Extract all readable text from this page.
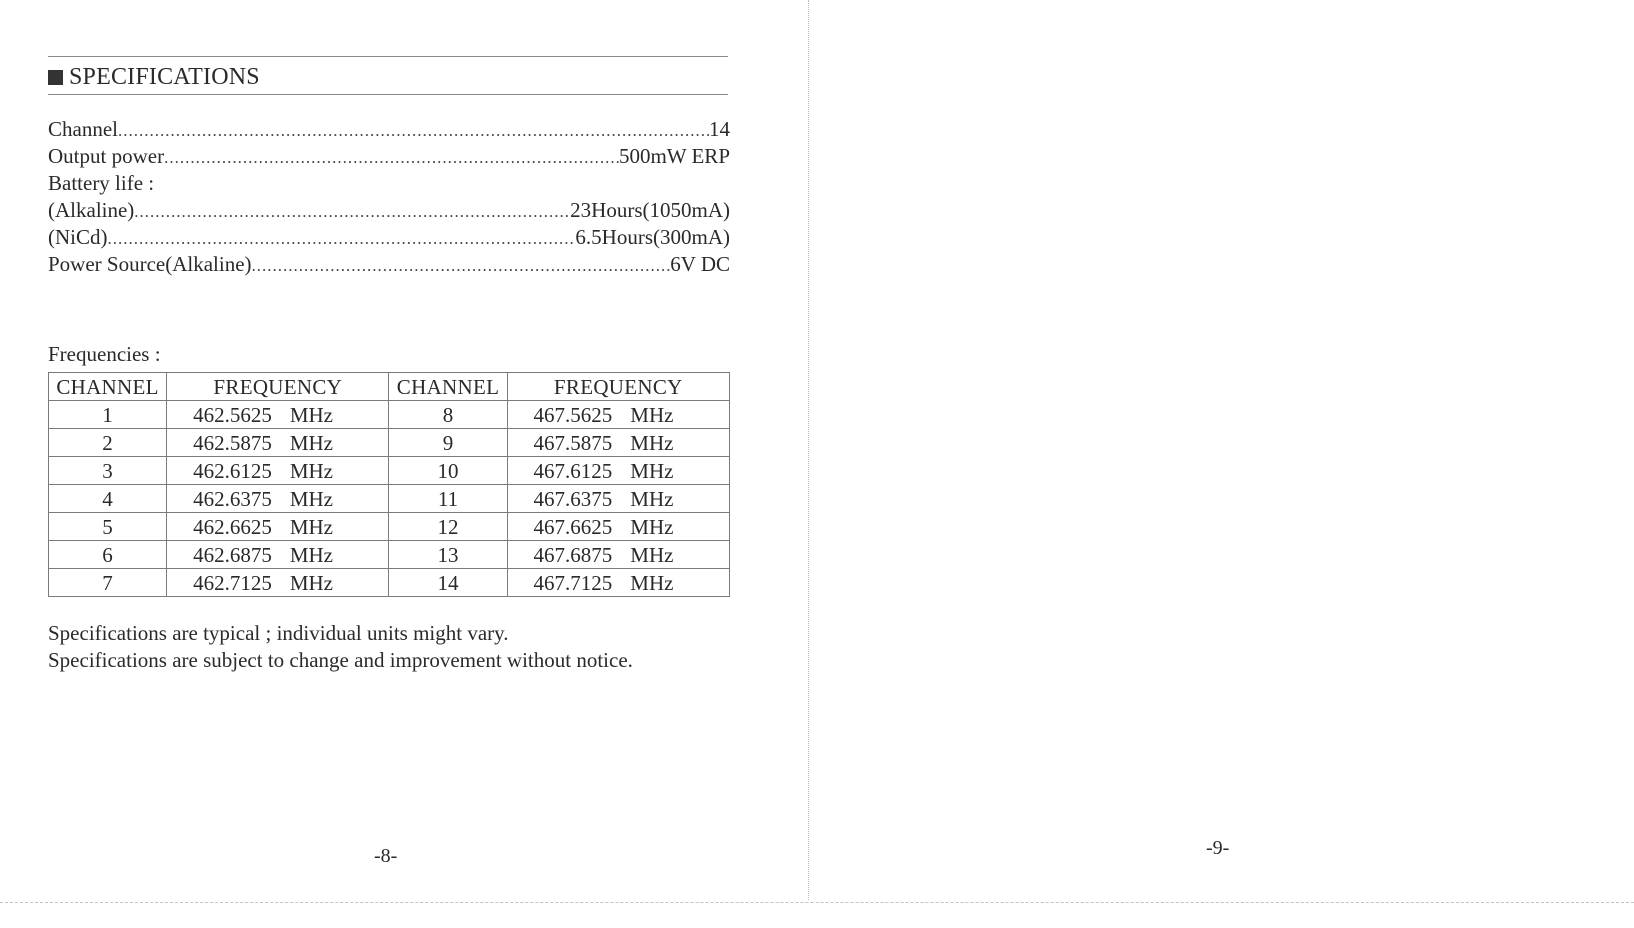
SPECIFICATIONS
Channel .....	14
Output power .....	500mW ERP
Battery life :
(Alkaline) .....	23Hours(1050mA)
(NiCd) .....	6.5Hours(300mA)
Power Source(Alkaline) .....	6V DC
Frequencies :
CHANNEL	FREQUENCY	CHANNEL	FREQUENCY
1	462.5625 MHz	8	467.5625 MHz
2	462.5875 MHz	9	467.5875 MHz
3	462.6125 MHz	10	467.6125 MHz
4	462.6375 MHz	11	467.6375 MHz
5	462.6625 MHz	12	467.6625 MHz
6	462.6875 MHz	13	467.6875 MHz
7	462.7125 MHz	14	467.7125 MHz
Specifications are typical ; individual units might vary.
Specifications are subject to change and improvement without notice.
-8-	-9-
